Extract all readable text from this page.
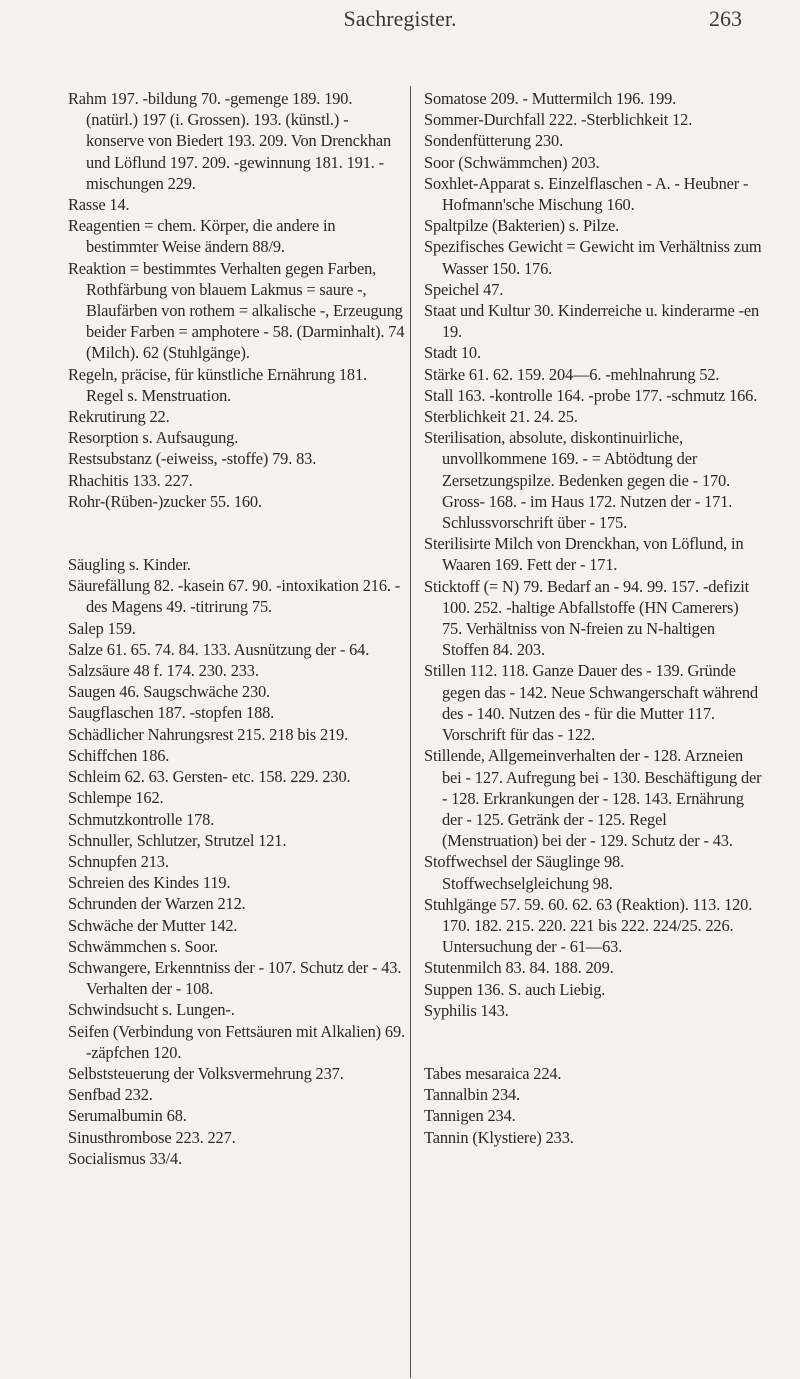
Sachregister.	263

Rahm 197. -bildung 70. -gemenge 189. 190. (natürl.) 197 (i. Grossen). 193. (künstl.) -konserve von Biedert 193. 209. Von Drenckhan und Löflund 197. 209. -gewinnung 181. 191. -mischungen 229.

Rasse 14.

Reagentien = chem. Körper, die andere in bestimmter Weise ändern 88/9.

Reaktion = bestimmtes Verhalten gegen Farben, Rothfärbung von blauem Lakmus = saure -, Blaufärben von rothem = alkalische -, Erzeugung beider Farben = amphotere - 58. (Darminhalt). 74 (Milch). 62 (Stuhlgänge).

Regeln, präcise, für künstliche Ernährung 181. Regel s. Menstruation.

Rekrutirung 22.

Resorption s. Aufsaugung.

Restsubstanz (-eiweiss, -stoffe) 79. 83.

Rhachitis 133. 227.

Rohr-(Rüben-)zucker 55. 160.

Säugling s. Kinder.

Säurefällung 82. -kasein 67. 90. -intoxikation 216. - des Magens 49. -titrirung 75.

Salep 159.

Salze 61. 65. 74. 84. 133. Ausnützung der - 64.

Salzsäure 48 f. 174. 230. 233.

Saugen 46. Saugschwäche 230.

Saugflaschen 187. -stopfen 188.

Schädlicher Nahrungsrest 215. 218 bis 219.

Schiffchen 186.

Schleim 62. 63. Gersten- etc. 158. 229. 230.

Schlempe 162.

Schmutzkontrolle 178.

Schnuller, Schlutzer, Strutzel 121.

Schnupfen 213.

Schreien des Kindes 119.

Schrunden der Warzen 212.

Schwäche der Mutter 142.

Schwämmchen s. Soor.

Schwangere, Erkenntniss der - 107. Schutz der - 43. Verhalten der - 108.

Schwindsucht s. Lungen-.

Seifen (Verbindung von Fettsäuren mit Alkalien) 69. -zäpfchen 120.

Selbststeuerung der Volksvermehrung 237.

Senfbad 232.

Serumalbumin 68.

Sinusthrombose 223. 227.

Socialismus 33/4.

Somatose 209. - Muttermilch 196. 199.

Sommer-Durchfall 222. -Sterblichkeit 12.

Sondenfütterung 230.

Soor (Schwämmchen) 203.

Soxhlet-Apparat s. Einzelflaschen - A. - Heubner - Hofmann'sche Mischung 160.

Spaltpilze (Bakterien) s. Pilze.

Spezifisches Gewicht = Gewicht im Verhältniss zum Wasser 150. 176.

Speichel 47.

Staat und Kultur 30. Kinderreiche u. kinderarme -en 19.

Stadt 10.

Stärke 61. 62. 159. 204—6. -mehlnahrung 52.

Stall 163. -kontrolle 164. -probe 177. -schmutz 166.

Sterblichkeit 21. 24. 25.

Sterilisation, absolute, diskontinuirliche, unvollkommene 169. - = Abtödtung der Zersetzungspilze. Bedenken gegen die - 170. Gross- 168. - im Haus 172. Nutzen der - 171. Schlussvorschrift über - 175.

Sterilisirte Milch von Drenckhan, von Löflund, in Waaren 169. Fett der - 171.

Sticktoff (= N) 79. Bedarf an - 94. 99. 157. -defizit 100. 252. -haltige Abfallstoffe (HN Camerers) 75. Verhältniss von N-freien zu N-haltigen Stoffen 84. 203.

Stillen 112. 118. Ganze Dauer des - 139. Gründe gegen das - 142. Neue Schwangerschaft während des - 140. Nutzen des - für die Mutter 117. Vorschrift für das - 122.

Stillende, Allgemeinverhalten der - 128. Arzneien bei - 127. Aufregung bei - 130. Beschäftigung der - 128. Erkrankungen der - 128. 143. Ernährung der - 125. Getränk der - 125. Regel (Menstruation) bei der - 129. Schutz der - 43.

Stoffwechsel der Säuglinge 98. Stoffwechselgleichung 98.

Stuhlgänge 57. 59. 60. 62. 63 (Reaktion). 113. 120. 170. 182. 215. 220. 221 bis 222. 224/25. 226. Untersuchung der - 61—63.

Stutenmilch 83. 84. 188. 209.

Suppen 136. S. auch Liebig.

Syphilis 143.

Tabes mesaraica 224.

Tannalbin 234.

Tannigen 234.

Tannin (Klystiere) 233.
